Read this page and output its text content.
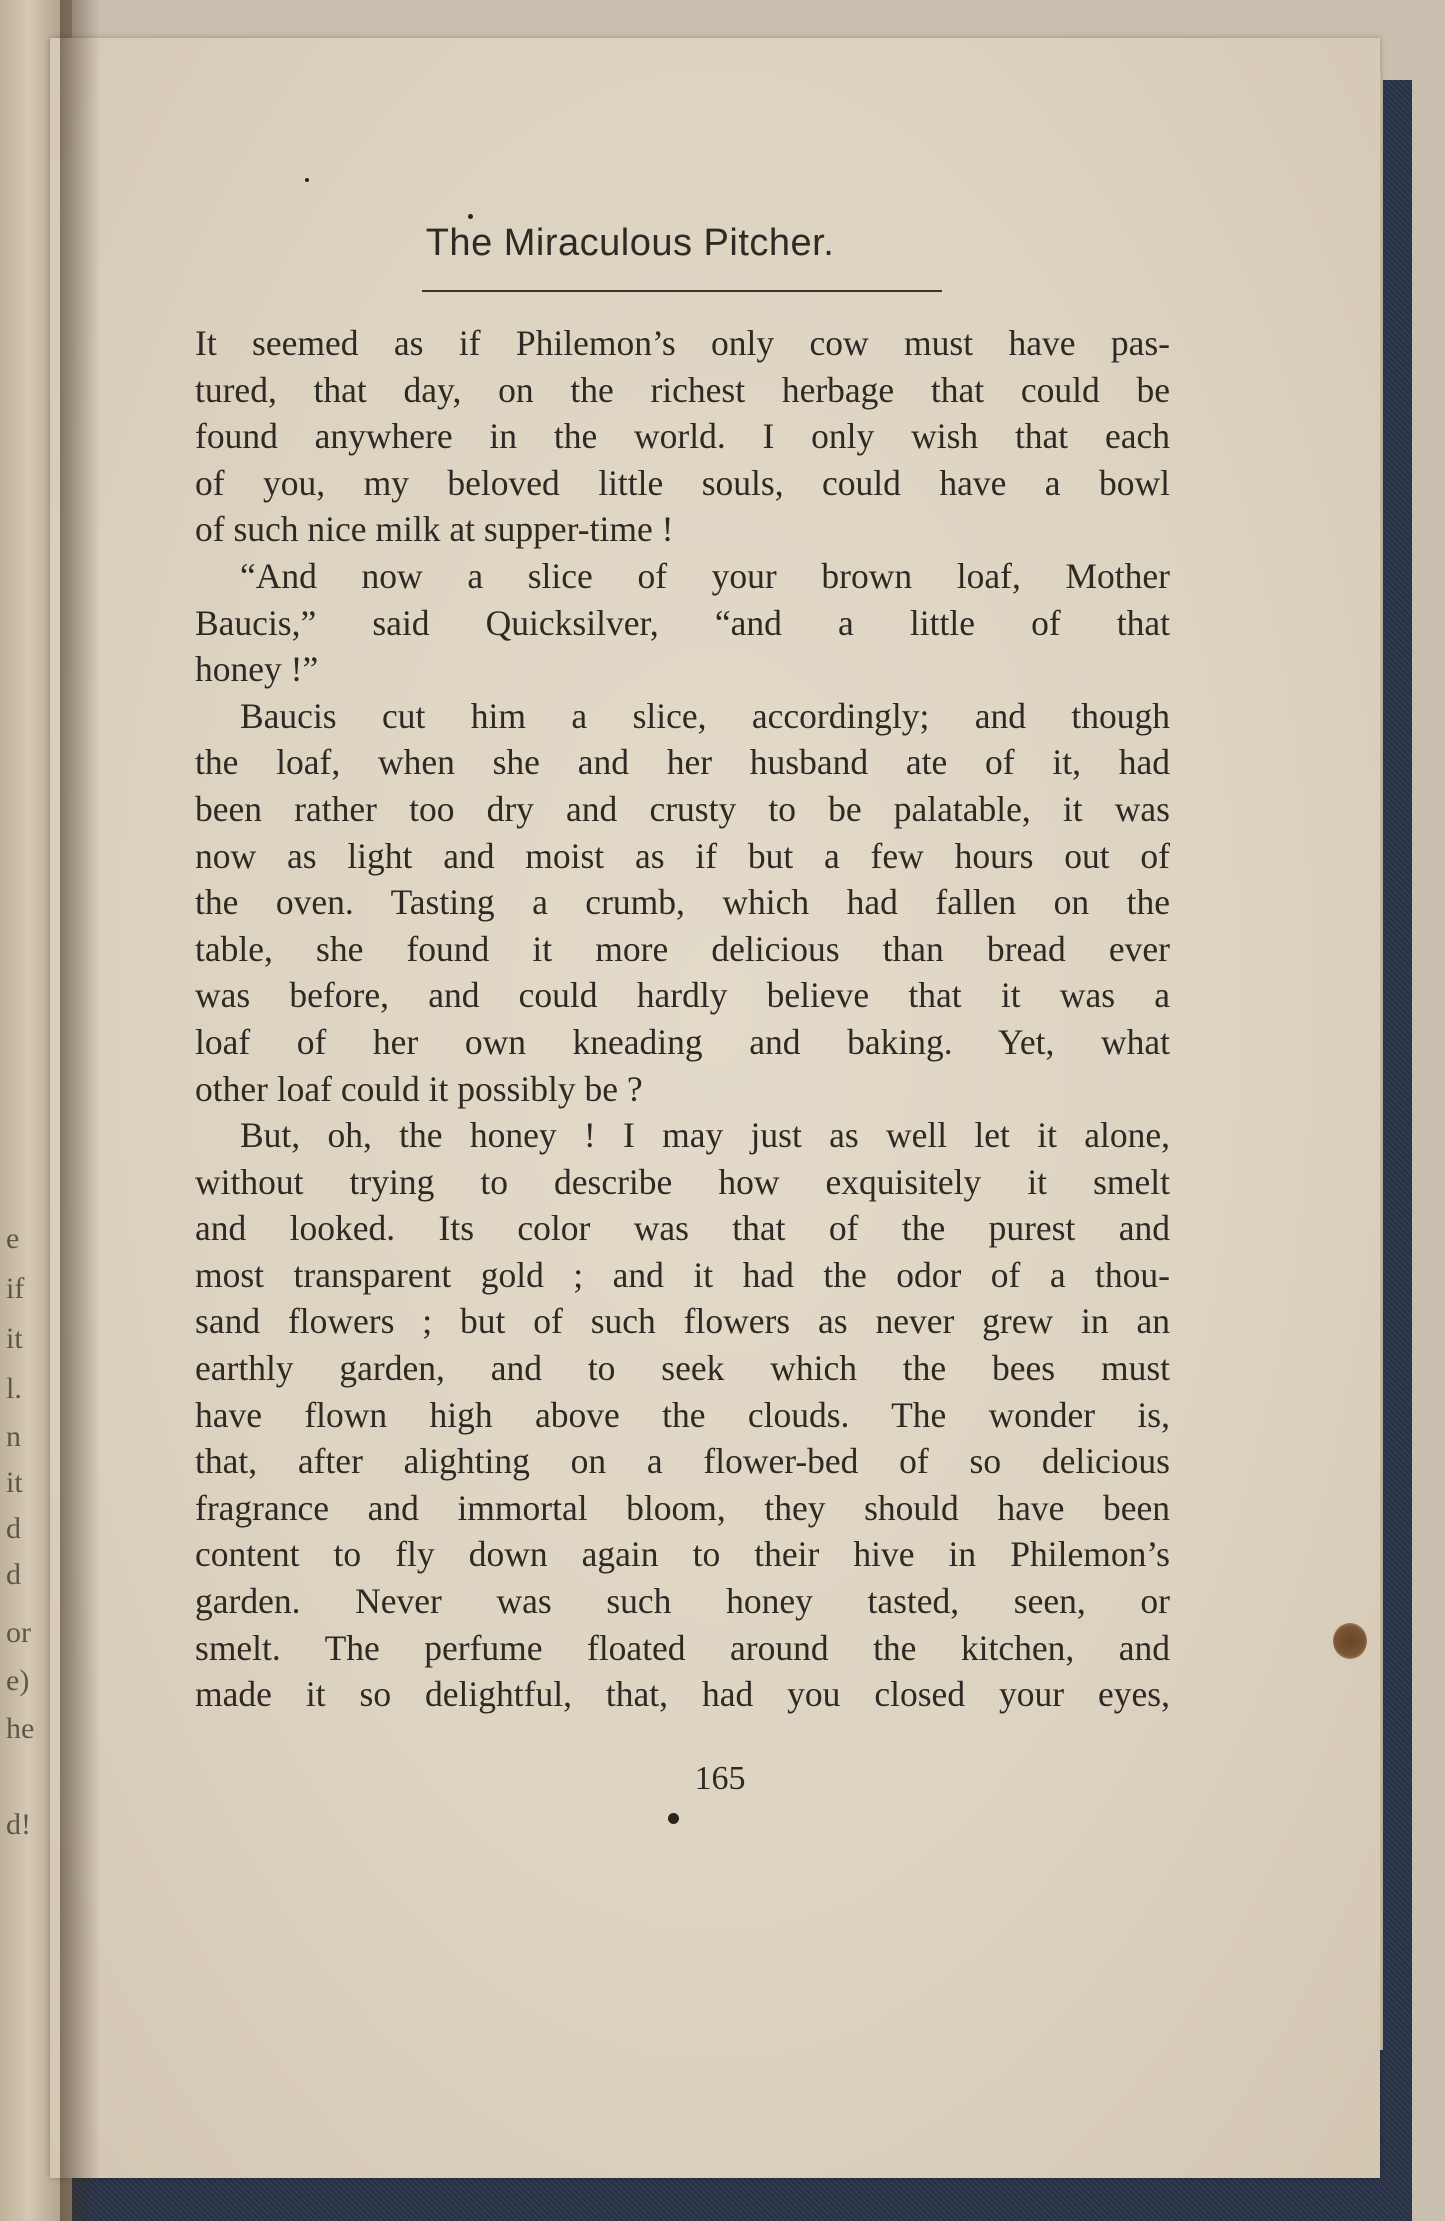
e
if
it
l.
n
it
d
d
or
e)
he
d!
The Miraculous Pitcher.

It seemed as if Philemon’s only cow must have pas-

tured, that day, on the richest herbage that could be

found anywhere in the world. I only wish that each

of you, my beloved little souls, could have a bowl

of such nice milk at supper-time !

“And now a slice of your brown loaf, Mother

Baucis,” said Quicksilver, “and a little of that

honey !”

Baucis cut him a slice, accordingly; and though

the loaf, when she and her husband ate of it, had

been rather too dry and crusty to be palatable, it was

now as light and moist as if but a few hours out of

the oven. Tasting a crumb, which had fallen on the

table, she found it more delicious than bread ever

was before, and could hardly believe that it was a

loaf of her own kneading and baking. Yet, what

other loaf could it possibly be ?

But, oh, the honey ! I may just as well let it alone,

without trying to describe how exquisitely it smelt

and looked. Its color was that of the purest and

most transparent gold ; and it had the odor of a thou-

sand flowers ; but of such flowers as never grew in an

earthly garden, and to seek which the bees must

have flown high above the clouds. The wonder is,

that, after alighting on a flower-bed of so delicious

fragrance and immortal bloom, they should have been

content to fly down again to their hive in Philemon’s

garden. Never was such honey tasted, seen, or

smelt. The perfume floated around the kitchen, and

made it so delightful, that, had you closed your eyes,

165
